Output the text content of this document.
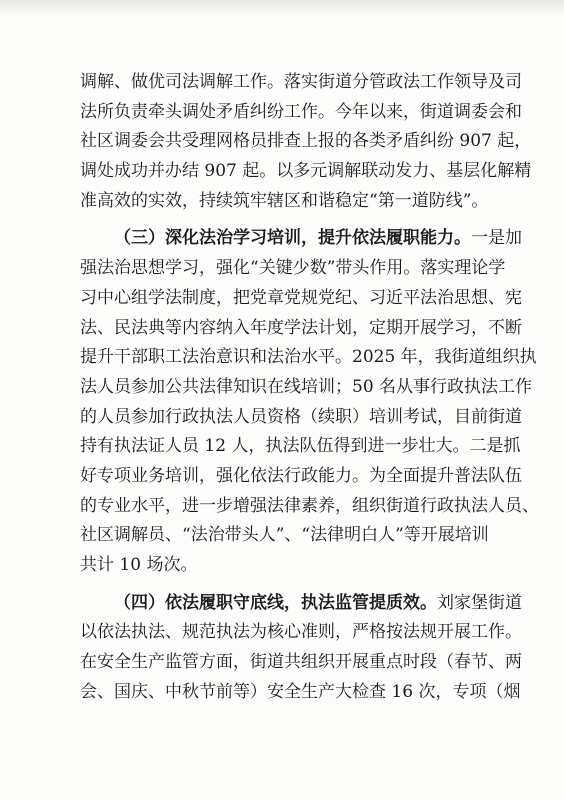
调解、做优司法调解工作。落实街道分管政法工作领导及司
法所负责牵头调处矛盾纠纷工作。今年以来，街道调委会和
社区调委会共受理网格员排查上报的各类矛盾纠纷 907 起，
调处成功并办结 907 起。以多元调解联动发力、基层化解精
准高效的实效，持续筑牢辖区和谐稳定“第一道防线”。
（三）深化法治学习培训，提升依法履职能力。一是加
强法治思想学习，强化“关键少数”带头作用。落实理论学
习中心组学法制度，把党章党规党纪、习近平法治思想、宪
法、民法典等内容纳入年度学法计划，定期开展学习，不断
提升干部职工法治意识和法治水平。2025 年，我街道组织执
法人员参加公共法律知识在线培训；50 名从事行政执法工作
的人员参加行政执法人员资格（续职）培训考试，目前街道
持有执法证人员 12 人，执法队伍得到进一步壮大。二是抓
好专项业务培训，强化依法行政能力。为全面提升普法队伍
的专业水平，进一步增强法律素养，组织街道行政执法人员、
社区调解员、“法治带头人”、“法律明白人”等开展培训
共计 10 场次。
（四）依法履职守底线，执法监管提质效。刘家堡街道
以依法执法、规范执法为核心准则，严格按法规开展工作。
在安全生产监管方面，街道共组织开展重点时段（春节、两
会、国庆、中秋节前等）安全生产大检查 16 次，专项（烟
